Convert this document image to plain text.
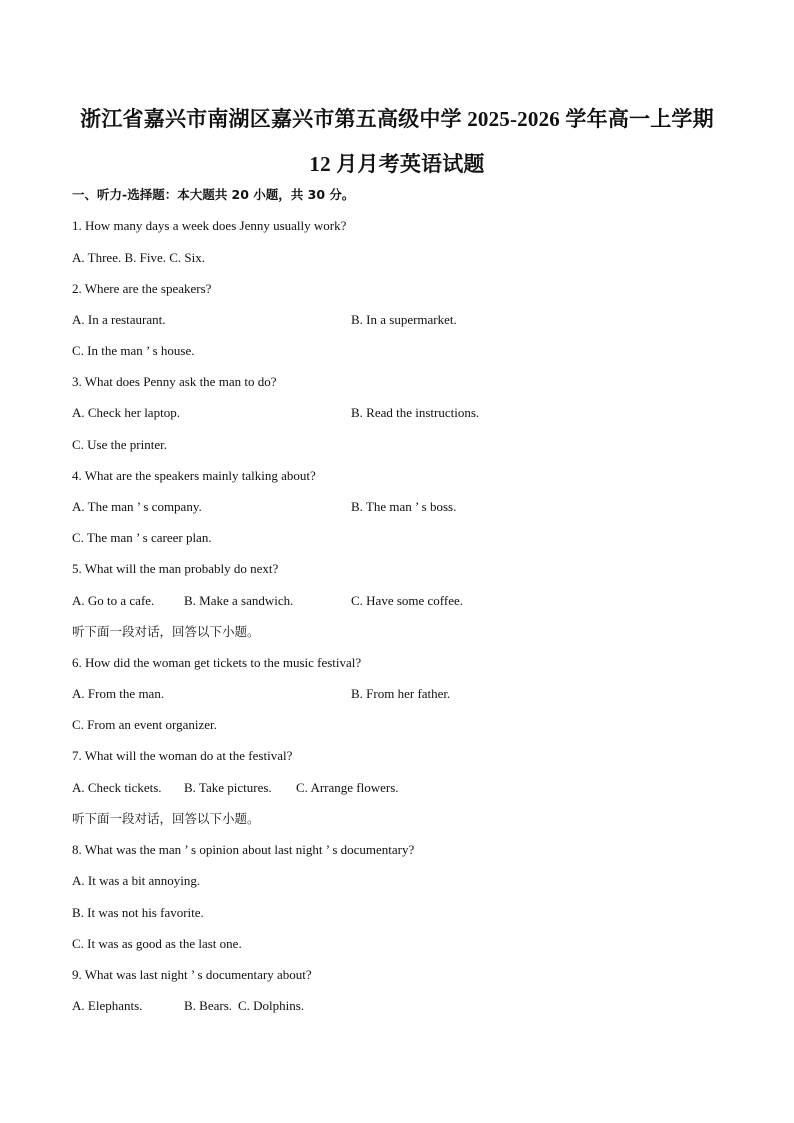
浙江省嘉兴市南湖区嘉兴市第五高级中学 2025-2026 学年高一上学期
12 月月考英语试题
一、听力-选择题：本大题共 20 小题，共 30 分。
1. How many days a week does Jenny usually work?
A. Three. B. Five. C. Six.
2. Where are the speakers?
A. In a restaurant.	B. In a supermarket.
C. In the man ’ s house.
3. What does Penny ask the man to do?
A. Check her laptop.	B. Read the instructions.
C. Use the printer.
4. What are the speakers mainly talking about?
A. The man ’ s company.	B. The man ’ s boss.
C. The man ’ s career plan.
5. What will the man probably do next?
A. Go to a cafe. B. Make a sandwich.	C. Have some coffee.
听下面一段对话，回答以下小题。
6. How did the woman get tickets to the music festival?
A. From the man.	B. From her father.
C. From an event organizer.
7. What will the woman do at the festival?
A. Check tickets. B. Take pictures. C. Arrange flowers.
听下面一段对话，回答以下小题。
8. What was the man ’ s opinion about last night ’ s documentary?
A. It was a bit annoying.
B. It was not his favorite.
C. It was as good as the last one.
9. What was last night ’ s documentary about?
A. Elephants.	B. Bears. C. Dolphins.
